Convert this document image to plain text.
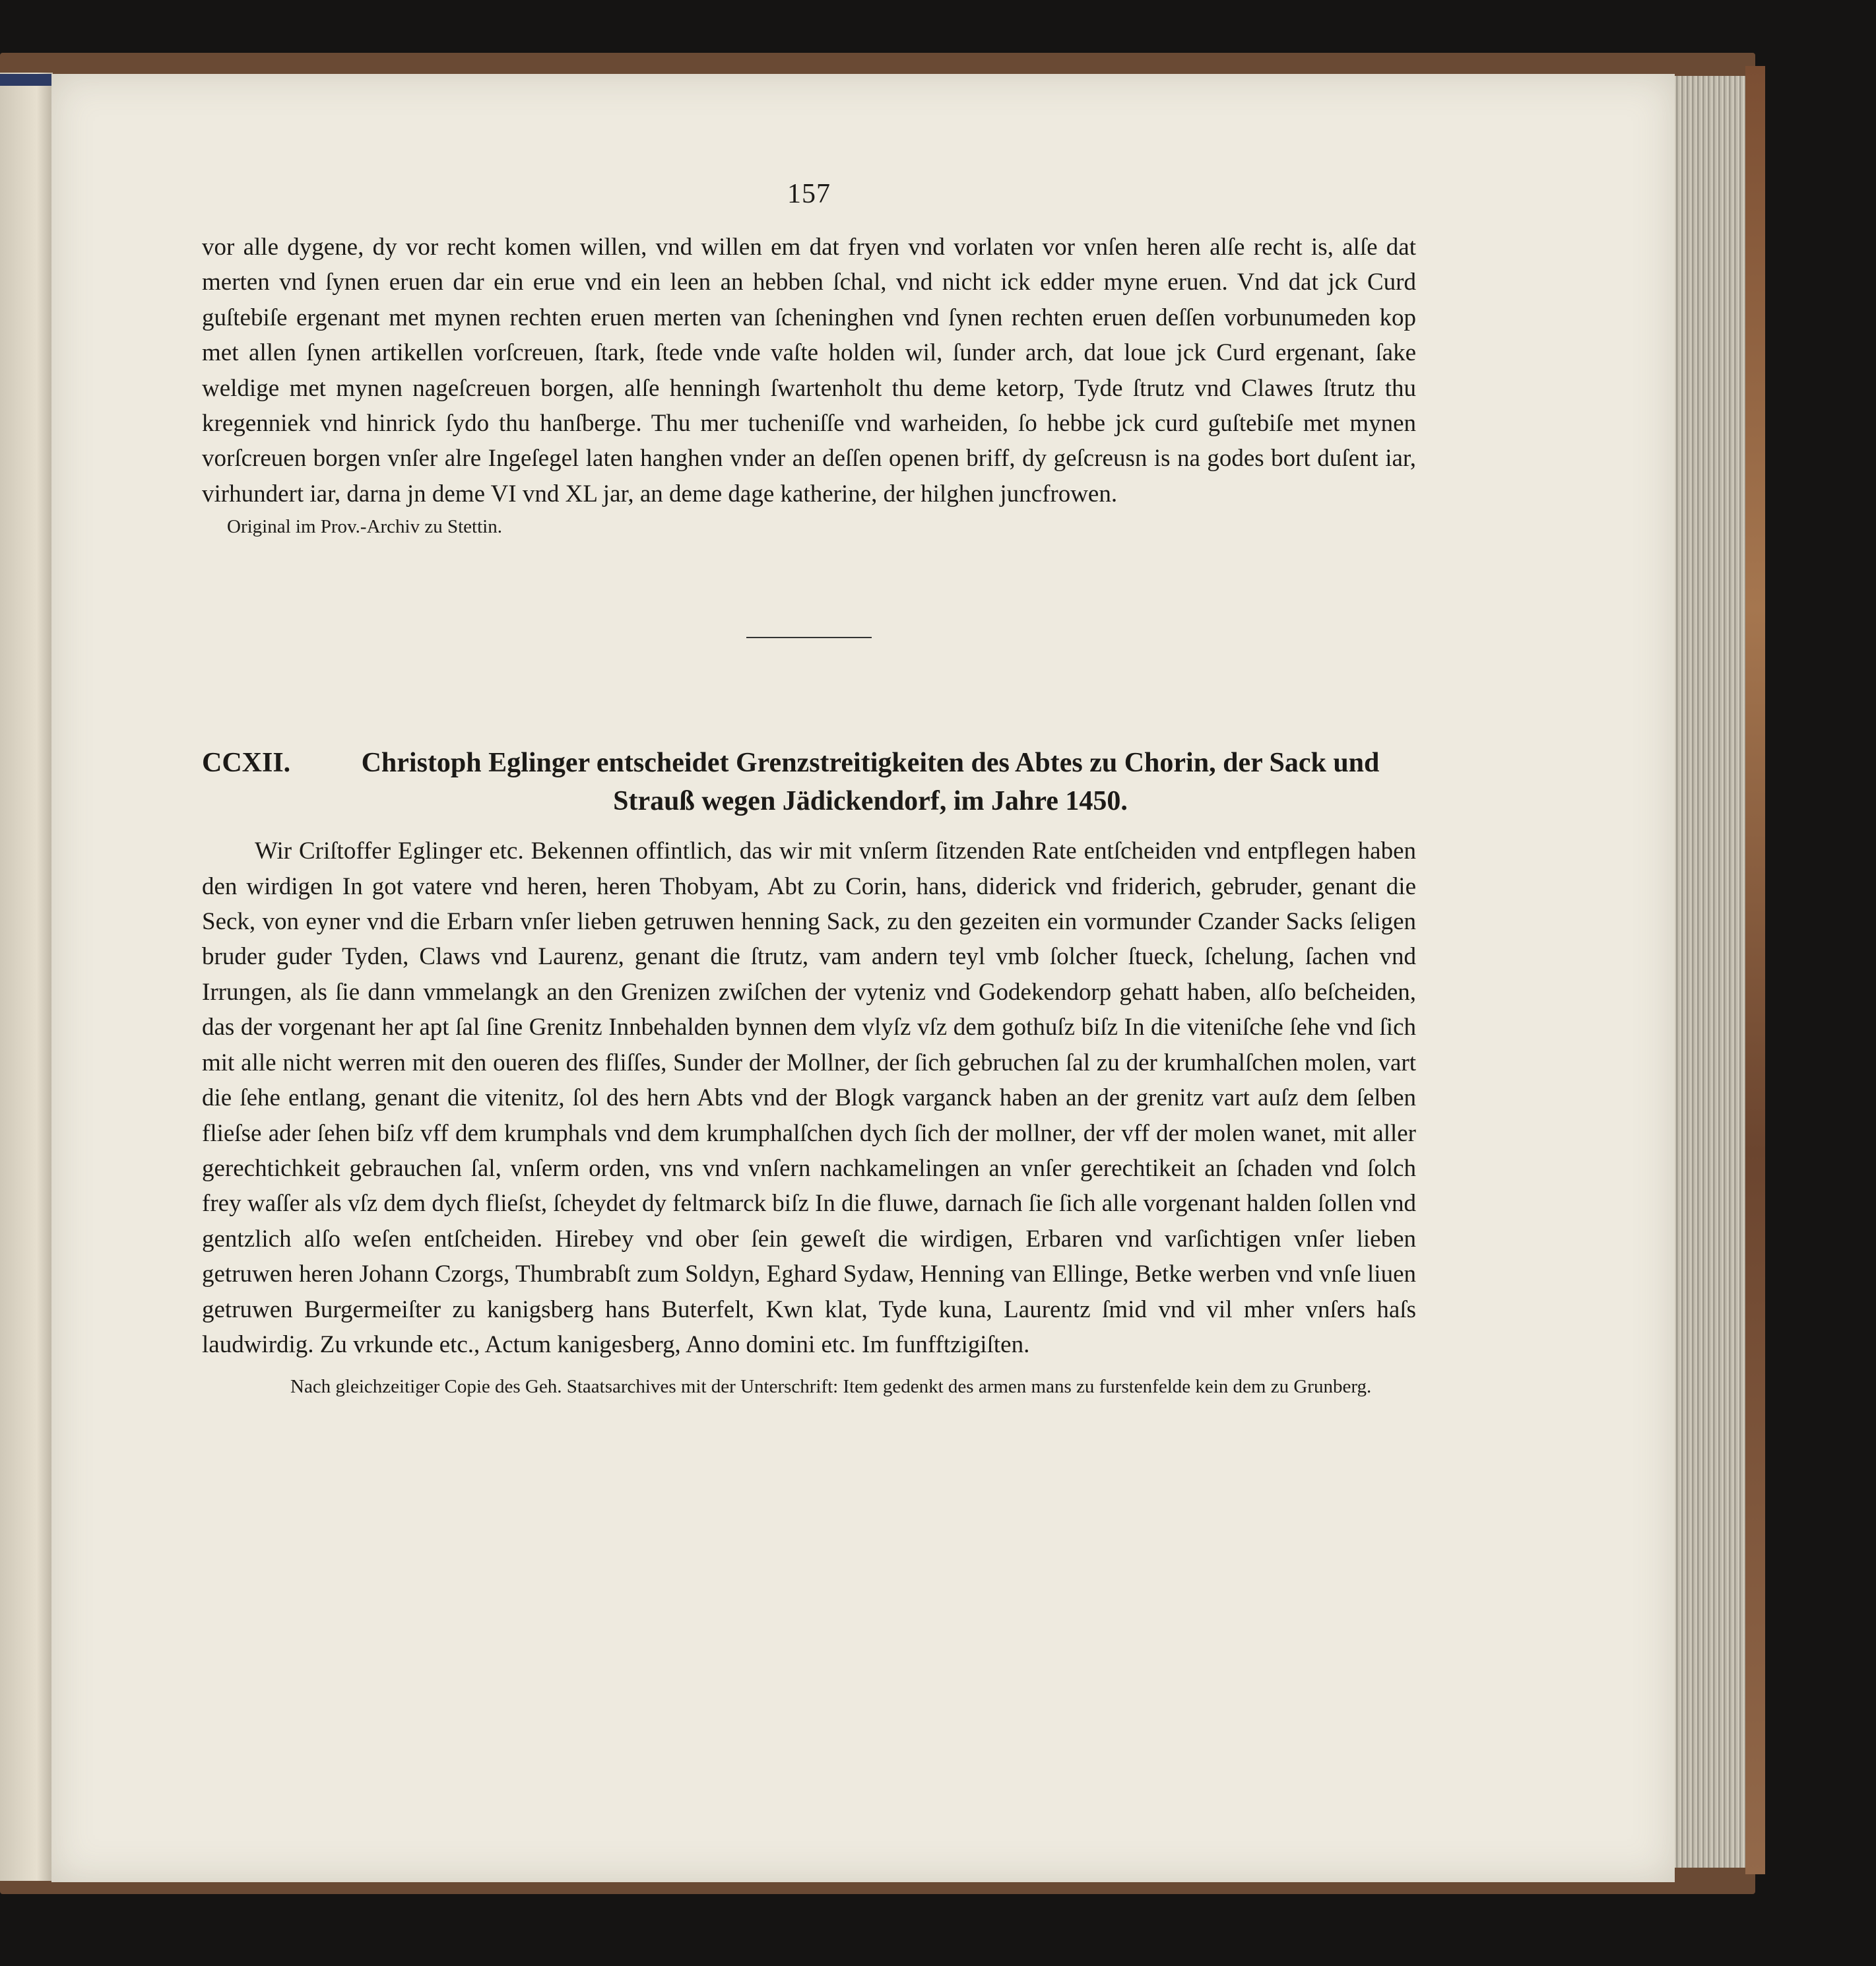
157

vor alle dygene, dy vor recht komen willen, vnd willen em dat fryen vnd vorlaten vor vnſen heren alſe recht is, alſe dat merten vnd ſynen eruen dar ein erue vnd ein leen an hebben ſchal, vnd nicht ick edder myne eruen. Vnd dat jck Curd guſtebiſe ergenant met mynen rechten eruen merten van ſcheninghen vnd ſynen rechten eruen deſſen vorbunumeden kop met allen ſynen artikellen vorſcreuen, ſtark, ſtede vnde vaſte holden wil, ſunder arch, dat loue jck Curd ergenant, ſake weldige met mynen nageſcreuen borgen, alſe henningh ſwartenholt thu deme ketorp, Tyde ſtrutz vnd Clawes ſtrutz thu kregenniek vnd hinrick ſydo thu hanſberge. Thu mer tucheniſſe vnd warheiden, ſo hebbe jck curd guſtebiſe met mynen vorſcreuen borgen vnſer alre Ingeſegel laten hanghen vnder an deſſen openen briff, dy geſcreusn is na godes bort duſent iar, virhundert iar, darna jn deme VI vnd XL jar, an deme dage katherine, der hilghen juncfrowen.

Original im Prov.-Archiv zu Stettin.

CCXII.	Christoph Eglinger entscheidet Grenzstreitigkeiten des Abtes zu Chorin, der Sack und
Strauß wegen Jädickendorf, im Jahre 1450.

Wir Criſtoffer Eglinger etc. Bekennen offintlich, das wir mit vnſerm ſitzenden Rate entſcheiden vnd entpflegen haben den wirdigen In got vatere vnd heren, heren Thobyam, Abt zu Corin, hans, diderick vnd friderich, gebruder, genant die Seck, von eyner vnd die Erbarn vnſer lieben getruwen henning Sack, zu den gezeiten ein vormunder Czander Sacks ſeligen bruder guder Tyden, Claws vnd Laurenz, genant die ſtrutz, vam andern teyl vmb ſolcher ſtueck, ſchelung, ſachen vnd Irrungen, als ſie dann vmmelangk an den Grenizen zwiſchen der vyteniz vnd Godekendorp gehatt haben, alſo beſcheiden, das der vorgenant her apt ſal ſine Grenitz Innbehalden bynnen dem vlyſz vſz dem gothuſz biſz In die viteniſche ſehe vnd ſich mit alle nicht werren mit den oueren des fliſſes, Sunder der Mollner, der ſich gebruchen ſal zu der krumhalſchen molen, vart die ſehe entlang, genant die vitenitz, ſol des hern Abts vnd der Blogk varganck haben an der grenitz vart auſz dem ſelben flieſse ader ſehen biſz vff dem krumphals vnd dem krumphalſchen dych ſich der mollner, der vff der molen wanet, mit aller gerechtichkeit gebrauchen ſal, vnſerm orden, vns vnd vnſern nachkamelingen an vnſer gerechtikeit an ſchaden vnd ſolch frey waſſer als vſz dem dych flieſst, ſcheydet dy feltmarck biſz In die fluwe, darnach ſie ſich alle vorgenant halden ſollen vnd gentzlich alſo weſen entſcheiden. Hirebey vnd ober ſein geweſt die wirdigen, Erbaren vnd varſichtigen vnſer lieben getruwen heren Johann Czorgs, Thumbrabſt zum Soldyn, Eghard Sydaw, Henning van Ellinge, Betke werben vnd vnſe liuen getruwen Burgermeiſter zu kanigsberg hans Buterfelt, Kwn klat, Tyde kuna, Laurentz ſmid vnd vil mher vnſers haſs laudwirdig. Zu vrkunde etc., Actum kanigesberg, Anno domini etc. Im funfftzigiſten.

Nach gleichzeitiger Copie des Geh. Staatsarchives mit der Unterschrift: Item gedenkt des armen mans zu furstenfelde kein dem zu Grunberg.
